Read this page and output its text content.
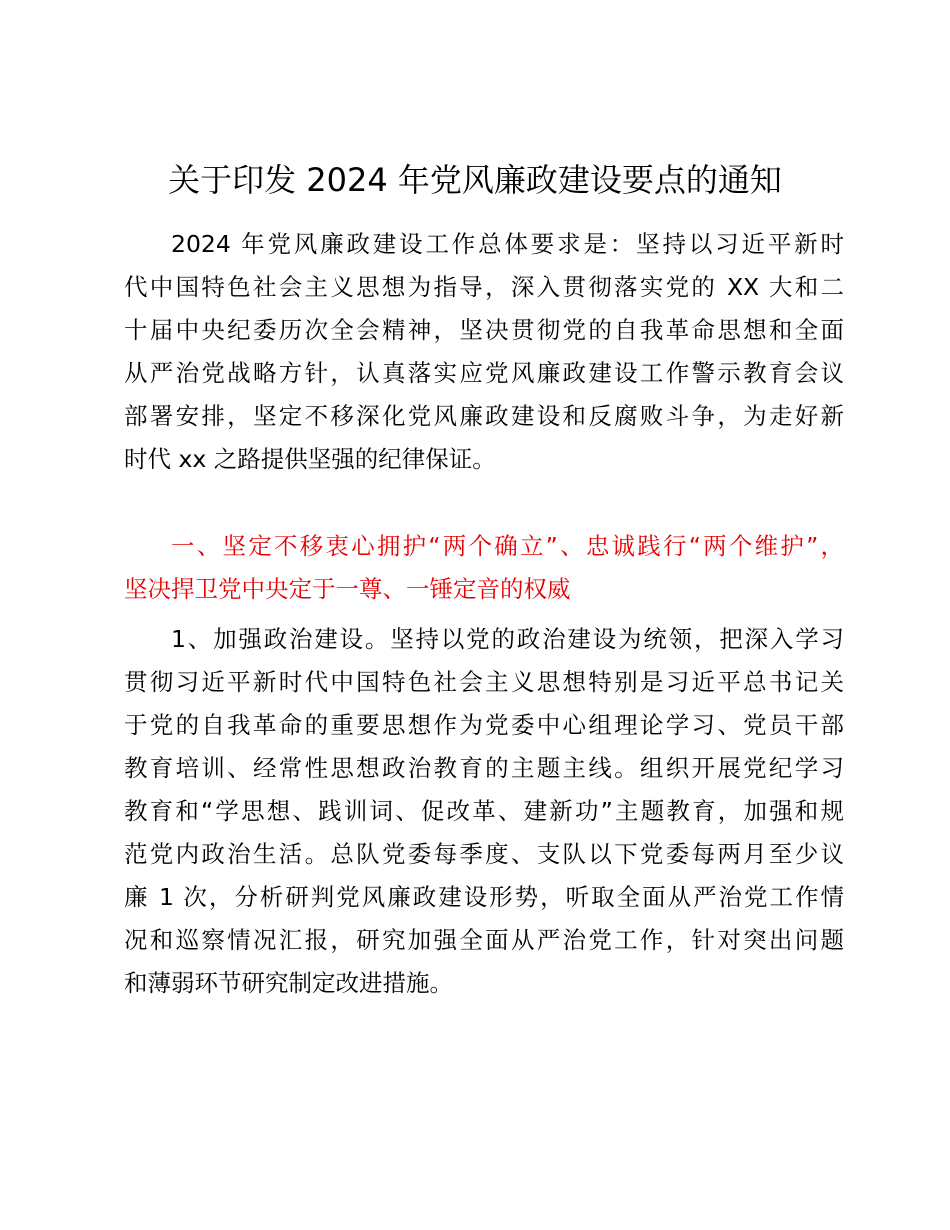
关于印发 2024 年党风廉政建设要点的通知
2024 年党风廉政建设工作总体要求是：坚持以习近平新时
代中国特色社会主义思想为指导，深入贯彻落实党的 XX 大和二
十届中央纪委历次全会精神，坚决贯彻党的自我革命思想和全面
从严治党战略方针，认真落实应党风廉政建设工作警示教育会议
部署安排，坚定不移深化党风廉政建设和反腐败斗争，为走好新
时代 xx 之路提供坚强的纪律保证。
一、坚定不移衷心拥护“两个确立”、忠诚践行“两个维护”，
坚决捍卫党中央定于一尊、一锤定音的权威
1、加强政治建设。坚持以党的政治建设为统领，把深入学习
贯彻习近平新时代中国特色社会主义思想特别是习近平总书记关
于党的自我革命的重要思想作为党委中心组理论学习、党员干部
教育培训、经常性思想政治教育的主题主线。组织开展党纪学习
教育和“学思想、践训词、促改革、建新功”主题教育，加强和规
范党内政治生活。总队党委每季度、支队以下党委每两月至少议
廉 1 次，分析研判党风廉政建设形势，听取全面从严治党工作情
况和巡察情况汇报，研究加强全面从严治党工作，针对突出问题
和薄弱环节研究制定改进措施。
